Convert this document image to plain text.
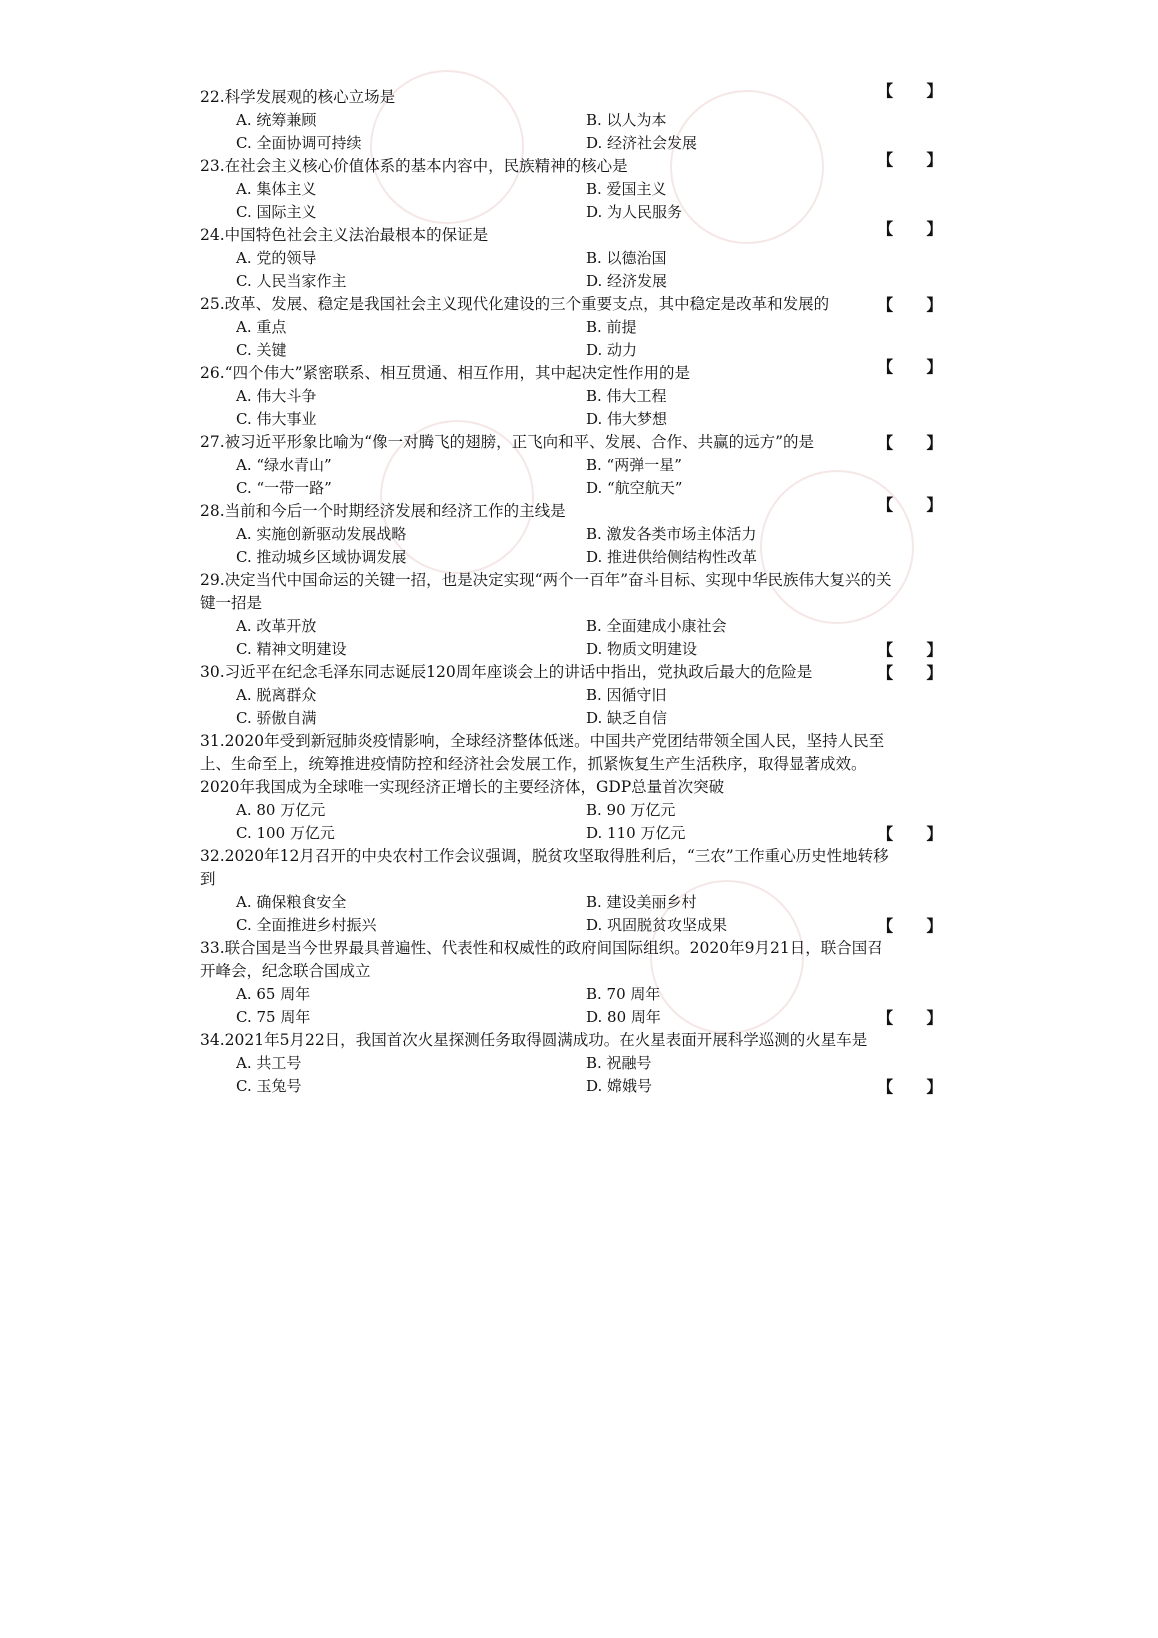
22.科学发展观的核心立场是	【 】
A. 统筹兼顾	B. 以人为本
C. 全面协调可持续	D. 经济社会发展

23.在社会主义核心价值体系的基本内容中，民族精神的核心是	【 】
A. 集体主义	B. 爱国主义
C. 国际主义	D. 为人民服务

24.中国特色社会主义法治最根本的保证是	【 】
A. 党的领导	B. 以德治国
C. 人民当家作主	D. 经济发展

25.改革、发展、稳定是我国社会主义现代化建设的三个重要支点，其中稳定是改革和发展的	【 】
A. 重点	B. 前提
C. 关键	D. 动力

26.“四个伟大”紧密联系、相互贯通、相互作用，其中起决定性作用的是	【 】
A. 伟大斗争	B. 伟大工程
C. 伟大事业	D. 伟大梦想

27.被习近平形象比喻为“像一对腾飞的翅膀，正飞向和平、发展、合作、共赢的远方”的是	【 】
A. “绿水青山”	B. “两弹一星”
C. “一带一路”	D. “航空航天”

28.当前和今后一个时期经济发展和经济工作的主线是	【 】
A. 实施创新驱动发展战略	B. 激发各类市场主体活力
C. 推动城乡区域协调发展	D. 推进供给侧结构性改革

29.决定当代中国命运的关键一招，也是决定实现“两个一百年”奋斗目标、实现中华民族伟大复兴的关键一招是

【 】
A. 改革开放	B. 全面建成小康社会
C. 精神文明建设	D. 物质文明建设

30.习近平在纪念毛泽东同志诞辰120周年座谈会上的讲话中指出，党执政后最大的危险是	【 】
A. 脱离群众	B. 因循守旧
C. 骄傲自满	D. 缺乏自信

31.2020年受到新冠肺炎疫情影响，全球经济整体低迷。中国共产党团结带领全国人民，坚持人民至上、生命至上，统筹推进疫情防控和经济社会发展工作，抓紧恢复生产生活秩序，取得显著成效。2020年我国成为全球唯一实现经济正增长的主要经济体，GDP总量首次突破

【 】
A. 80 万亿元	B. 90 万亿元
C. 100 万亿元	D. 110 万亿元

32.2020年12月召开的中央农村工作会议强调，脱贫攻坚取得胜利后，“三农”工作重心历史性地转移到

【 】
A. 确保粮食安全	B. 建设美丽乡村
C. 全面推进乡村振兴	D. 巩固脱贫攻坚成果

33.联合国是当今世界最具普遍性、代表性和权威性的政府间国际组织。2020年9月21日，联合国召开峰会，纪念联合国成立

【 】
A. 65 周年	B. 70 周年
C. 75 周年	D. 80 周年

34.2021年5月22日，我国首次火星探测任务取得圆满成功。在火星表面开展科学巡测的火星车是

【 】
A. 共工号	B. 祝融号
C. 玉兔号	D. 嫦娥号
